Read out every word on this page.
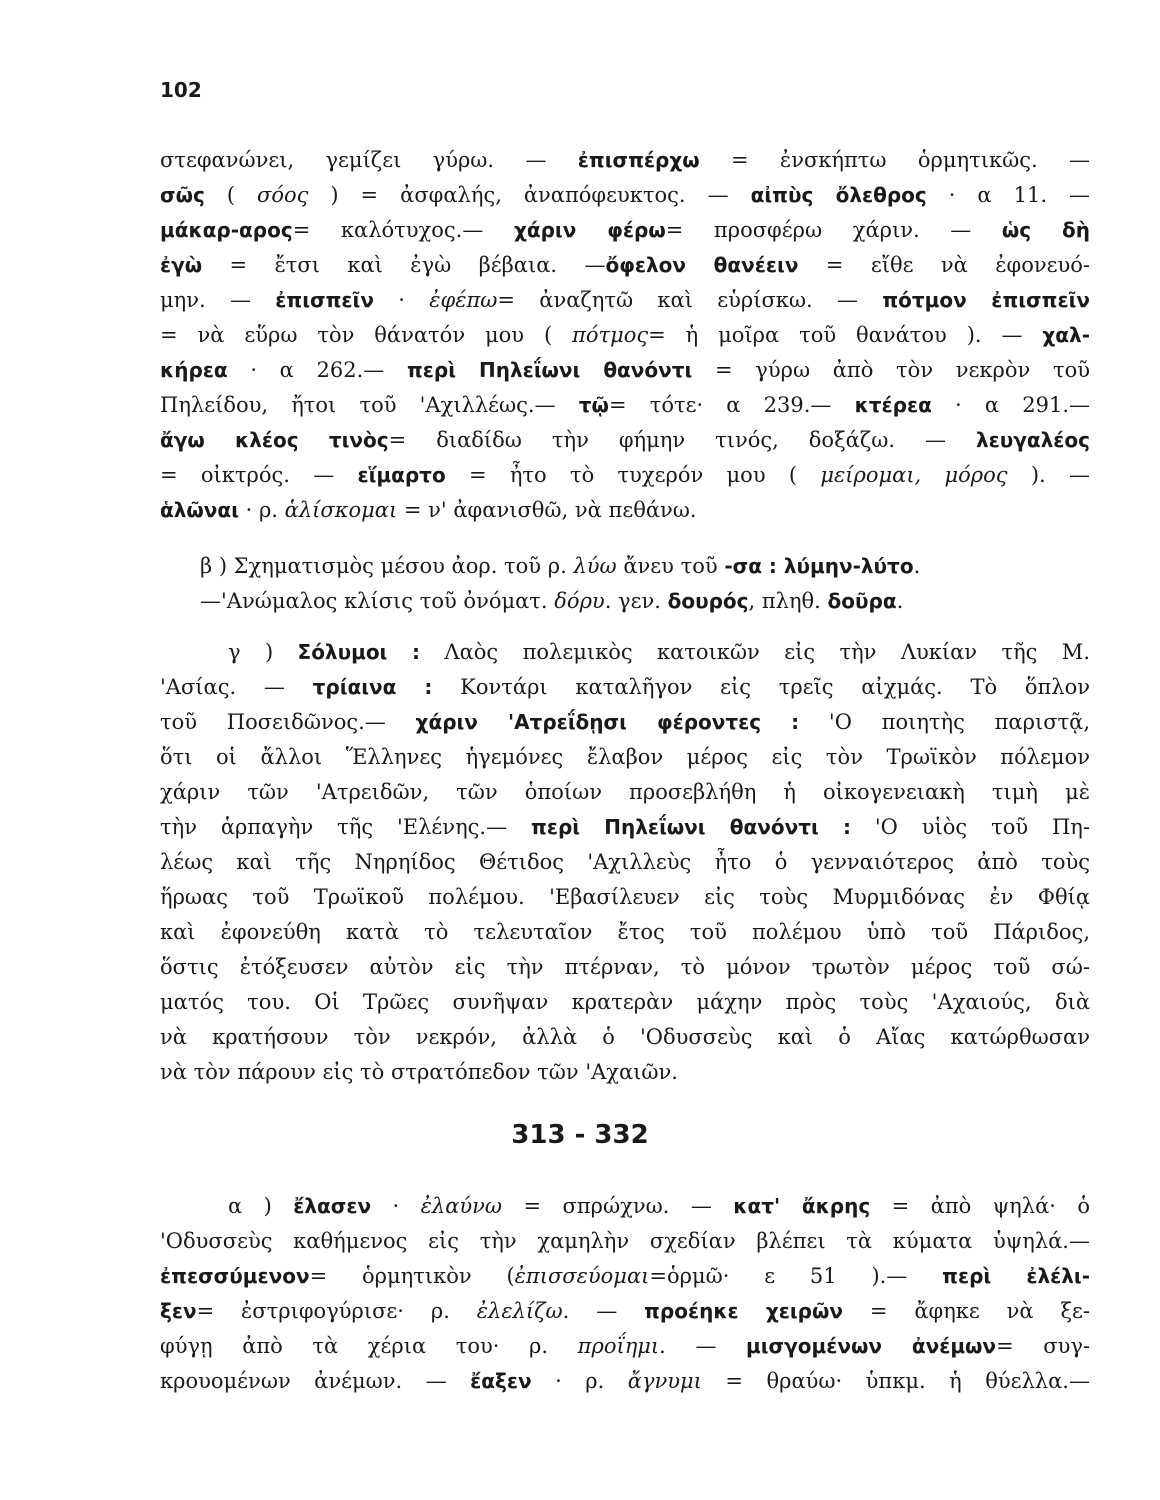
102
στεφανώνει, γεμίζει γύρω. — ἐπισπέρχω = ἐνσκήπτω ὁρμητικῶς. —
σῶς ( σόος ) = ἀσφαλής, ἀναπόφευκτος. — αἰπὺς ὄλεθρος · α 11. —
μάκαρ-αρος= καλότυχος.— χάριν φέρω= προσφέρω χάριν. — ὡς δὴ
ἐγὼ = ἔτσι καὶ ἐγὼ βέβαια. —ὄφελον θανέειν = εἴθε νὰ ἐφονευό-
μην. — ἐπισπεῖν · ἐφέπω= ἀναζητῶ καὶ εὑρίσκω. — πότμον ἐπισπεῖν
= νὰ εὕρω τὸν θάνατόν μου ( πότμος= ἡ μοῖρα τοῦ θανάτου ). — χαλ-
κήρεα · α 262.— περὶ Πηλεΐωνι θανόντι = γύρω ἀπὸ τὸν νεκρὸν τοῦ
Πηλείδου, ἤτοι τοῦ 'Αχιλλέως.— τῷ= τότε· α 239.— κτέρεα · α 291.—
ἄγω κλέος τινὸς= διαδίδω τὴν φήμην τινός, δοξάζω. — λευγαλέος
= οἰκτρός. — εἵμαρτο = ἦτο τὸ τυχερόν μου ( μείρομαι, μόρος ). —
ἁλῶναι · ρ. ἁλίσκομαι = ν' ἀφανισθῶ, νὰ πεθάνω.
β ) Σχηματισμὸς μέσου ἀορ. τοῦ ρ. λύω ἄνευ τοῦ -σα : λύμην-λύτο.
—'Ανώμαλος κλίσις τοῦ ὀνόματ. δόρυ. γεν. δουρός, πληθ. δοῦρα.
γ ) Σόλυμοι : Λαὸς πολεμικὸς κατοικῶν εἰς τὴν Λυκίαν τῆς Μ.
'Ασίας. — τρίαινα : Κοντάρι καταλῆγον εἰς τρεῖς αἰχμάς. Τὸ ὅπλον
τοῦ Ποσειδῶνος.— χάριν 'Ατρεΐδῃσι φέροντες : 'Ο ποιητὴς παριστᾷ,
ὅτι οἱ ἄλλοι Ἕλληνες ἡγεμόνες ἔλαβον μέρος εἰς τὸν Τρωϊκὸν πόλεμον
χάριν τῶν 'Ατρειδῶν, τῶν ὁποίων προσεβλήθη ἡ οἰκογενειακὴ τιμὴ μὲ
τὴν ἁρπαγὴν τῆς 'Ελένης.— περὶ Πηλεΐωνι θανόντι : 'Ο υἱὸς τοῦ Πη-
λέως καὶ τῆς Νηρηίδος Θέτιδος 'Αχιλλεὺς ἦτο ὁ γενναιότερος ἀπὸ τοὺς
ἥρωας τοῦ Τρωϊκοῦ πολέμου. 'Εβασίλευεν εἰς τοὺς Μυρμιδόνας ἐν Φθίᾳ
καὶ ἐφονεύθη κατὰ τὸ τελευταῖον ἔτος τοῦ πολέμου ὑπὸ τοῦ Πάριδος,
ὅστις ἐτόξευσεν αὐτὸν εἰς τὴν πτέρναν, τὸ μόνον τρωτὸν μέρος τοῦ σώ-
ματός του. Οἱ Τρῶες συνῆψαν κρατερὰν μάχην πρὸς τοὺς 'Αχαιούς, διὰ
νὰ κρατήσουν τὸν νεκρόν, ἀλλὰ ὁ 'Οδυσσεὺς καὶ ὁ Αἴας κατώρθωσαν
νὰ τὸν πάρουν εἰς τὸ στρατόπεδον τῶν 'Αχαιῶν.
313 - 332
α ) ἔλασεν · ἐλαύνω = σπρώχνω. — κατ' ἄκρης = ἀπὸ ψηλά· ὁ
'Οδυσσεὺς καθήμενος εἰς τὴν χαμηλὴν σχεδίαν βλέπει τὰ κύματα ὑψηλά.—
ἐπεσσύμενον= ὁρμητικὸν (ἐπισσεύομαι=ὁρμῶ· ε 51 ).— περὶ ἐλέλι-
ξεν= ἐστριφογύρισε· ρ. ἐλελίζω. — προέηκε χειρῶν = ἄφηκε νὰ ξε-
φύγῃ ἀπὸ τὰ χέρια του· ρ. προΐημι. — μισγομένων ἀνέμων= συγ-
κρουομένων ἀνέμων. — ἔαξεν · ρ. ἄγνυμι = θραύω· ὑπκμ. ἡ θύελλα.—
